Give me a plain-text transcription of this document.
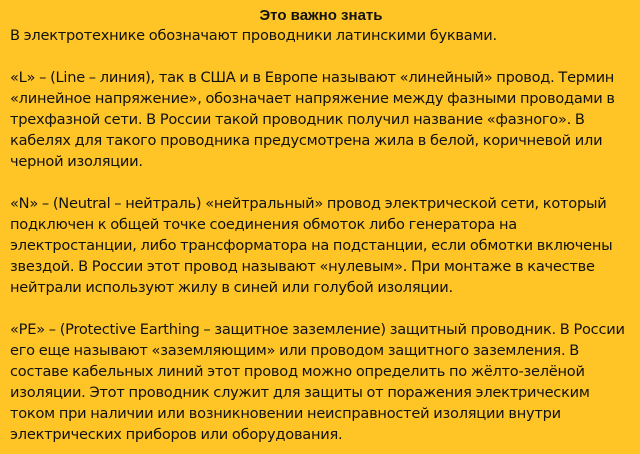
Это важно знать

В электротехнике обозначают проводники латинскими буквами.

«L» – (Line – линия), так в США и в Европе называют «линейный» провод. Термин «линейное напряжение», обозначает напряжение между фазными проводами в трехфазной сети. В России такой проводник получил название «фазного». В кабелях для такого проводника предусмотрена жила в белой, коричневой или черной изоляции.

«N» – (Neutral – нейтраль) «нейтральный» провод электрической сети, который подключен к общей точке соединения обмоток либо генератора на электростанции, либо трансформатора на подстанции, если обмотки включены звездой. В России этот провод называют «нулевым». При монтаже в качестве нейтрали используют жилу в синей или голубой изоляции.

«PE» – (Protective Earthing – защитное заземление) защитный проводник. В России его еще называют «заземляющим» или проводом защитного заземления. В составе кабельных линий этот провод можно определить по жёлто-зелёной изоляции. Этот проводник служит для защиты от поражения электрическим током при наличии или возникновении неисправностей изоляции внутри электрических приборов или оборудования.
